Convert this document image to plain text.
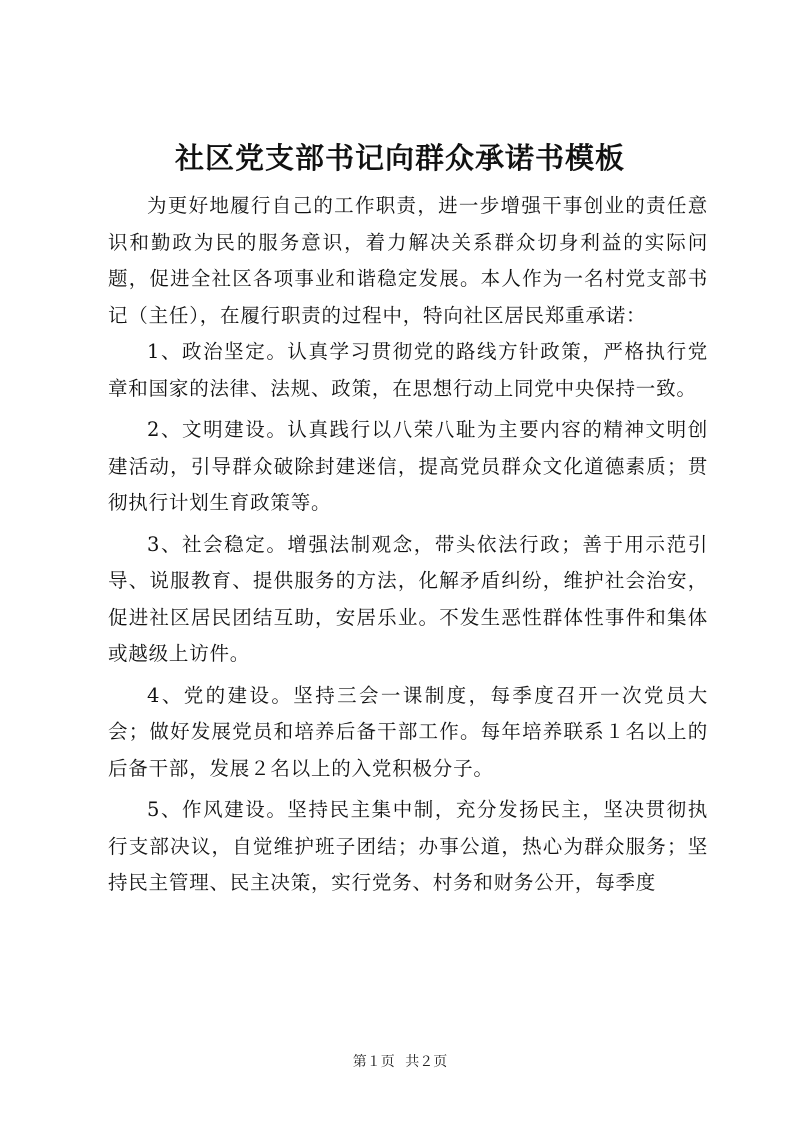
社区党支部书记向群众承诺书模板

为更好地履行自己的工作职责，进一步增强干事创业的责任意识和勤政为民的服务意识，着力解决关系群众切身利益的实际问题，促进全社区各项事业和谐稳定发展。本人作为一名村党支部书记（主任），在履行职责的过程中，特向社区居民郑重承诺：

1、政治坚定。认真学习贯彻党的路线方针政策，严格执行党章和国家的法律、法规、政策，在思想行动上同党中央保持一致。

2、文明建设。认真践行以八荣八耻为主要内容的精神文明创建活动，引导群众破除封建迷信，提高党员群众文化道德素质；贯彻执行计划生育政策等。

3、社会稳定。增强法制观念，带头依法行政；善于用示范引导、说服教育、提供服务的方法，化解矛盾纠纷，维护社会治安，促进社区居民团结互助，安居乐业。不发生恶性群体性事件和集体或越级上访件。

4、党的建设。坚持三会一课制度，每季度召开一次党员大会；做好发展党员和培养后备干部工作。每年培养联系１名以上的后备干部，发展２名以上的入党积极分子。

5、作风建设。坚持民主集中制，充分发扬民主，坚决贯彻执行支部决议，自觉维护班子团结；办事公道，热心为群众服务；坚持民主管理、民主决策，实行党务、村务和财务公开，每季度

第１页 共２页
